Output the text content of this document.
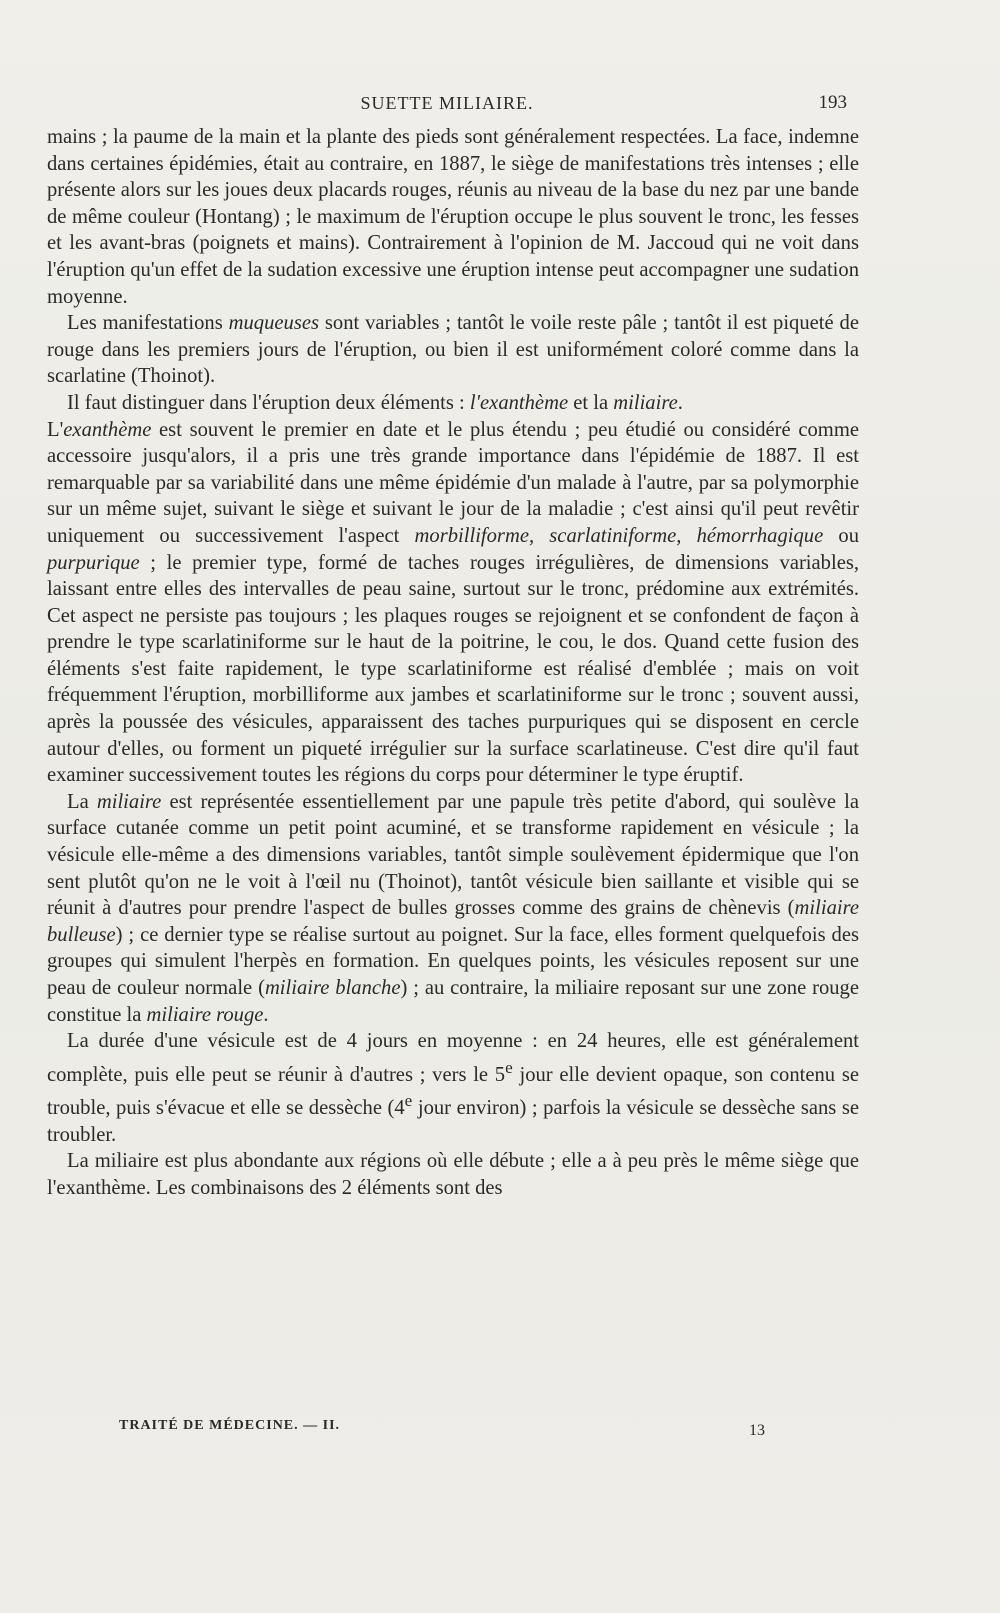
SUETTE MILIAIRE.	193

mains ; la paume de la main et la plante des pieds sont généralement respectées. La face, indemne dans certaines épidémies, était au contraire, en 1887, le siège de manifestations très intenses ; elle présente alors sur les joues deux placards rouges, réunis au niveau de la base du nez par une bande de même couleur (Hontang) ; le maximum de l'éruption occupe le plus souvent le tronc, les fesses et les avant-bras (poignets et mains). Contrairement à l'opinion de M. Jaccoud qui ne voit dans l'éruption qu'un effet de la sudation excessive une éruption intense peut accompagner une sudation moyenne.

Les manifestations muqueuses sont variables ; tantôt le voile reste pâle ; tantôt il est piqueté de rouge dans les premiers jours de l'éruption, ou bien il est uniformément coloré comme dans la scarlatine (Thoinot).

Il faut distinguer dans l'éruption deux éléments : l'exanthème et la miliaire.

L'exanthème est souvent le premier en date et le plus étendu ; peu étudié ou considéré comme accessoire jusqu'alors, il a pris une très grande importance dans l'épidémie de 1887. Il est remarquable par sa variabilité dans une même épidémie d'un malade à l'autre, par sa polymorphie sur un même sujet, suivant le siège et suivant le jour de la maladie ; c'est ainsi qu'il peut revêtir uniquement ou successivement l'aspect morbilliforme, scarlatiniforme, hémorrhagique ou purpurique ; le premier type, formé de taches rouges irrégulières, de dimensions variables, laissant entre elles des intervalles de peau saine, surtout sur le tronc, prédomine aux extrémités. Cet aspect ne persiste pas toujours ; les plaques rouges se rejoignent et se confondent de façon à prendre le type scarlatiniforme sur le haut de la poitrine, le cou, le dos. Quand cette fusion des éléments s'est faite rapidement, le type scarlatiniforme est réalisé d'emblée ; mais on voit fréquemment l'éruption, morbilliforme aux jambes et scarlatiniforme sur le tronc ; souvent aussi, après la poussée des vésicules, apparaissent des taches purpuriques qui se disposent en cercle autour d'elles, ou forment un piqueté irrégulier sur la surface scarlatineuse. C'est dire qu'il faut examiner successivement toutes les régions du corps pour déterminer le type éruptif.

La miliaire est représentée essentiellement par une papule très petite d'abord, qui soulève la surface cutanée comme un petit point acuminé, et se transforme rapidement en vésicule ; la vésicule elle-même a des dimensions variables, tantôt simple soulèvement épidermique que l'on sent plutôt qu'on ne le voit à l'œil nu (Thoinot), tantôt vésicule bien saillante et visible qui se réunit à d'autres pour prendre l'aspect de bulles grosses comme des grains de chènevis (miliaire bulleuse) ; ce dernier type se réalise surtout au poignet. Sur la face, elles forment quelquefois des groupes qui simulent l'herpès en formation. En quelques points, les vésicules reposent sur une peau de couleur normale (miliaire blanche) ; au contraire, la miliaire reposant sur une zone rouge constitue la miliaire rouge.

La durée d'une vésicule est de 4 jours en moyenne : en 24 heures, elle est généralement complète, puis elle peut se réunir à d'autres ; vers le 5e jour elle devient opaque, son contenu se trouble, puis s'évacue et elle se dessèche (4e jour environ) ; parfois la vésicule se dessèche sans se troubler.

La miliaire est plus abondante aux régions où elle débute ; elle a à peu près le même siège que l'exanthème. Les combinaisons des 2 éléments sont des

TRAITÉ DE MÉDECINE. — II.	13
